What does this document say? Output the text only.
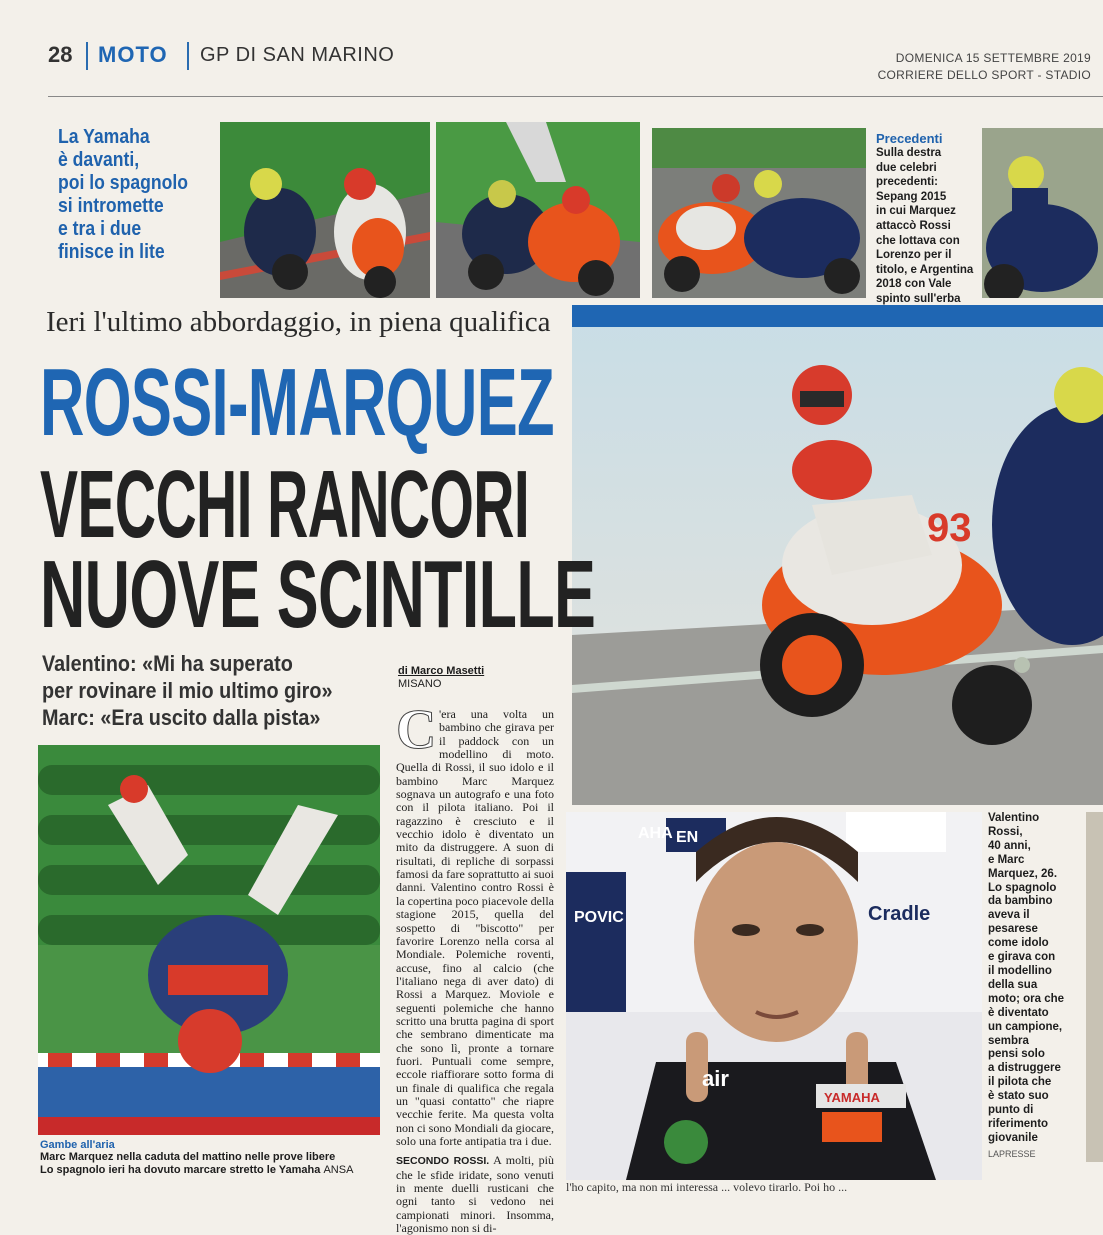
28 MOTO GP DI SAN MARINO	DOMENICA 15 SETTEMBRE 2019
CORRIERE DELLO SPORT - STADIO
La Yamaha
è davanti,
poi lo spagnolo
si intromette
e tra i due
finisce in lite
Precedenti
Sulla destra
due celebri
precedenti:
Sepang 2015
in cui Marquez
attaccò Rossi
che lottava con
Lorenzo per il
titolo, e Argentina
2018 con Vale
spinto sull'erba
93
Ieri l'ultimo abbordaggio, in piena qualifica
ROSSI-MARQUEZ
VECCHI RANCORI
NUOVE SCINTILLE
Valentino: «Mi ha superato
per rovinare il mio ultimo giro»
Marc: «Era uscito dalla pista»
Gambe all'aria
Marc Marquez nella caduta del mattino nelle prove libere
Lo spagnolo ieri ha dovuto marcare stretto le Yamaha ANSA
di Marco Masetti
MISANO
C 'era una volta un bambino che girava per il paddock con un modellino di moto. Quella di Rossi, il suo idolo e il bambino Marc Marquez sognava un autografo e una foto con il pilota italiano. Poi il ragazzino è cresciuto e il vecchio idolo è diventato un mito da distruggere. A suon di risultati, di repliche di sorpassi famosi da fare soprattutto ai suoi danni. Valentino contro Rossi è la copertina poco piacevole della stagione 2015, quella del sospetto di "biscotto" per favorire Lorenzo nella corsa al Mondiale. Polemiche roventi, accuse, fino al calcio (che l'italiano nega di aver dato) di Rossi a Marquez. Moviole e seguenti polemiche che hanno scritto una brutta pagina di sport che sembrano dimenticate ma che sono lì, pronte a tornare fuori. Puntuali come sempre, eccole riaffiorare sotto forma di un finale di qualifica che regala un "quasi contatto" che riapre vecchie ferite. Ma questa volta non ci sono Mondiali da giocare, solo una forte antipatia tra i due.
SECONDO ROSSI. A molti, più che le sfide iridate, sono venuti in mente duelli rusticani che ogni tanto si vedono nei campionati minori. Insomma, l'agonismo non si di-
AHA EN
POVIC	Cradle
air
YAMAHA
Valentino
Rossi,
40 anni,
e Marc
Marquez, 26.
Lo spagnolo
da bambino
aveva il
pesarese
come idolo
e girava con
il modellino
della sua
moto; ora che
è diventato
un campione,
sembra
pensi solo
a distruggere
il pilota che
è stato suo
punto di
riferimento
giovanile
LAPRESSE
l'ho capito, ma non mi interessa ... volevo tirarlo. Poi ho ...
